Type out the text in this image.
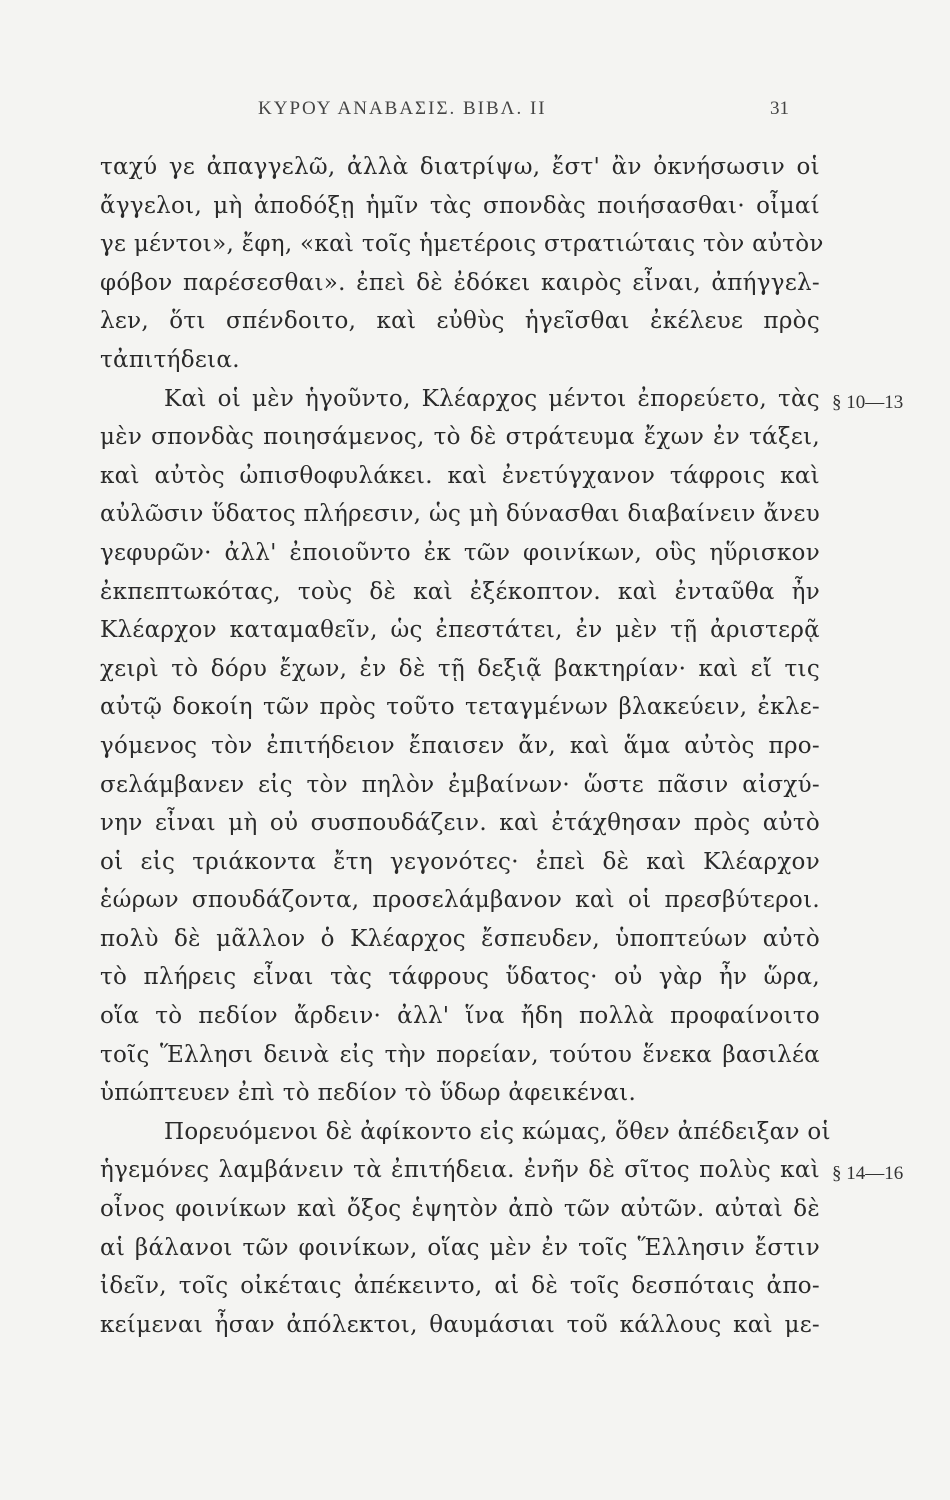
ΚΥΡΟΥ ΑΝΑΒΑΣΙΣ. ΒΙΒΛ. II	31
§ 10—13
§ 14—16
ταχύ γε ἀπαγγελῶ, ἀλλὰ διατρίψω, ἔστ' ἂν ὀκνήσωσιν οἱ
ἄγγελοι, μὴ ἀποδόξῃ ἡμῖν τὰς σπονδὰς ποιήσασθαι· οἶμαί
γε μέντοι», ἔφη, «καὶ τοῖς ἡμετέροις στρατιώταις τὸν αὐτὸν
φόβον παρέσεσθαι». ἐπεὶ δὲ ἐδόκει καιρὸς εἶναι, ἀπήγγελ-
λεν, ὅτι σπένδοιτο, καὶ εὐθὺς ἡγεῖσθαι ἐκέλευε πρὸς
τἀπιτήδεια.
Καὶ οἱ μὲν ἡγοῦντο, Κλέαρχος μέντοι ἐπορεύετο, τὰς
μὲν σπονδὰς ποιησάμενος, τὸ δὲ στράτευμα ἔχων ἐν τάξει,
καὶ αὐτὸς ὠπισθοφυλάκει. καὶ ἐνετύγχανον τάφροις καὶ
αὐλῶσιν ὕδατος πλήρεσιν, ὡς μὴ δύνασθαι διαβαίνειν ἄνευ
γεφυρῶν· ἀλλ' ἐποιοῦντο ἐκ τῶν φοινίκων, οὓς ηὕρισκον
ἐκπεπτωκότας, τοὺς δὲ καὶ ἐξέκοπτον. καὶ ἐνταῦθα ἦν
Κλέαρχον καταμαθεῖν, ὡς ἐπεστάτει, ἐν μὲν τῇ ἀριστερᾷ
χειρὶ τὸ δόρυ ἔχων, ἐν δὲ τῇ δεξιᾷ βακτηρίαν· καὶ εἴ τις
αὐτῷ δοκοίη τῶν πρὸς τοῦτο τεταγμένων βλακεύειν, ἐκλε-
γόμενος τὸν ἐπιτήδειον ἔπαισεν ἄν, καὶ ἅμα αὐτὸς προ-
σελάμβανεν εἰς τὸν πηλὸν ἐμβαίνων· ὥστε πᾶσιν αἰσχύ-
νην εἶναι μὴ οὐ συσπουδάζειν. καὶ ἐτάχθησαν πρὸς αὐτὸ
οἱ εἰς τριάκοντα ἔτη γεγονότες· ἐπεὶ δὲ καὶ Κλέαρχον
ἑώρων σπουδάζοντα, προσελάμβανον καὶ οἱ πρεσβύτεροι.
πολὺ δὲ μᾶλλον ὁ Κλέαρχος ἔσπευδεν, ὑποπτεύων αὐτὸ
τὸ πλήρεις εἶναι τὰς τάφρους ὕδατος· οὐ γὰρ ἦν ὥρα,
οἵα τὸ πεδίον ἄρδειν· ἀλλ' ἵνα ἤδη πολλὰ προφαίνοιτο
τοῖς Ἕλλησι δεινὰ εἰς τὴν πορείαν, τούτου ἕνεκα βασιλέα
ὑπώπτευεν ἐπὶ τὸ πεδίον τὸ ὕδωρ ἀφεικέναι.
Πορευόμενοι δὲ ἀφίκοντο εἰς κώμας, ὅθεν ἀπέδειξαν οἱ
ἡγεμόνες λαμβάνειν τὰ ἐπιτήδεια. ἐνῆν δὲ σῖτος πολὺς καὶ
οἶνος φοινίκων καὶ ὄξος ἑψητὸν ἀπὸ τῶν αὐτῶν. αὐταὶ δὲ
αἱ βάλανοι τῶν φοινίκων, οἵας μὲν ἐν τοῖς Ἕλλησιν ἔστιν
ἰδεῖν, τοῖς οἰκέταις ἀπέκειντο, αἱ δὲ τοῖς δεσπόταις ἀπο-
κείμεναι ἦσαν ἀπόλεκτοι, θαυμάσιαι τοῦ κάλλους καὶ με-
